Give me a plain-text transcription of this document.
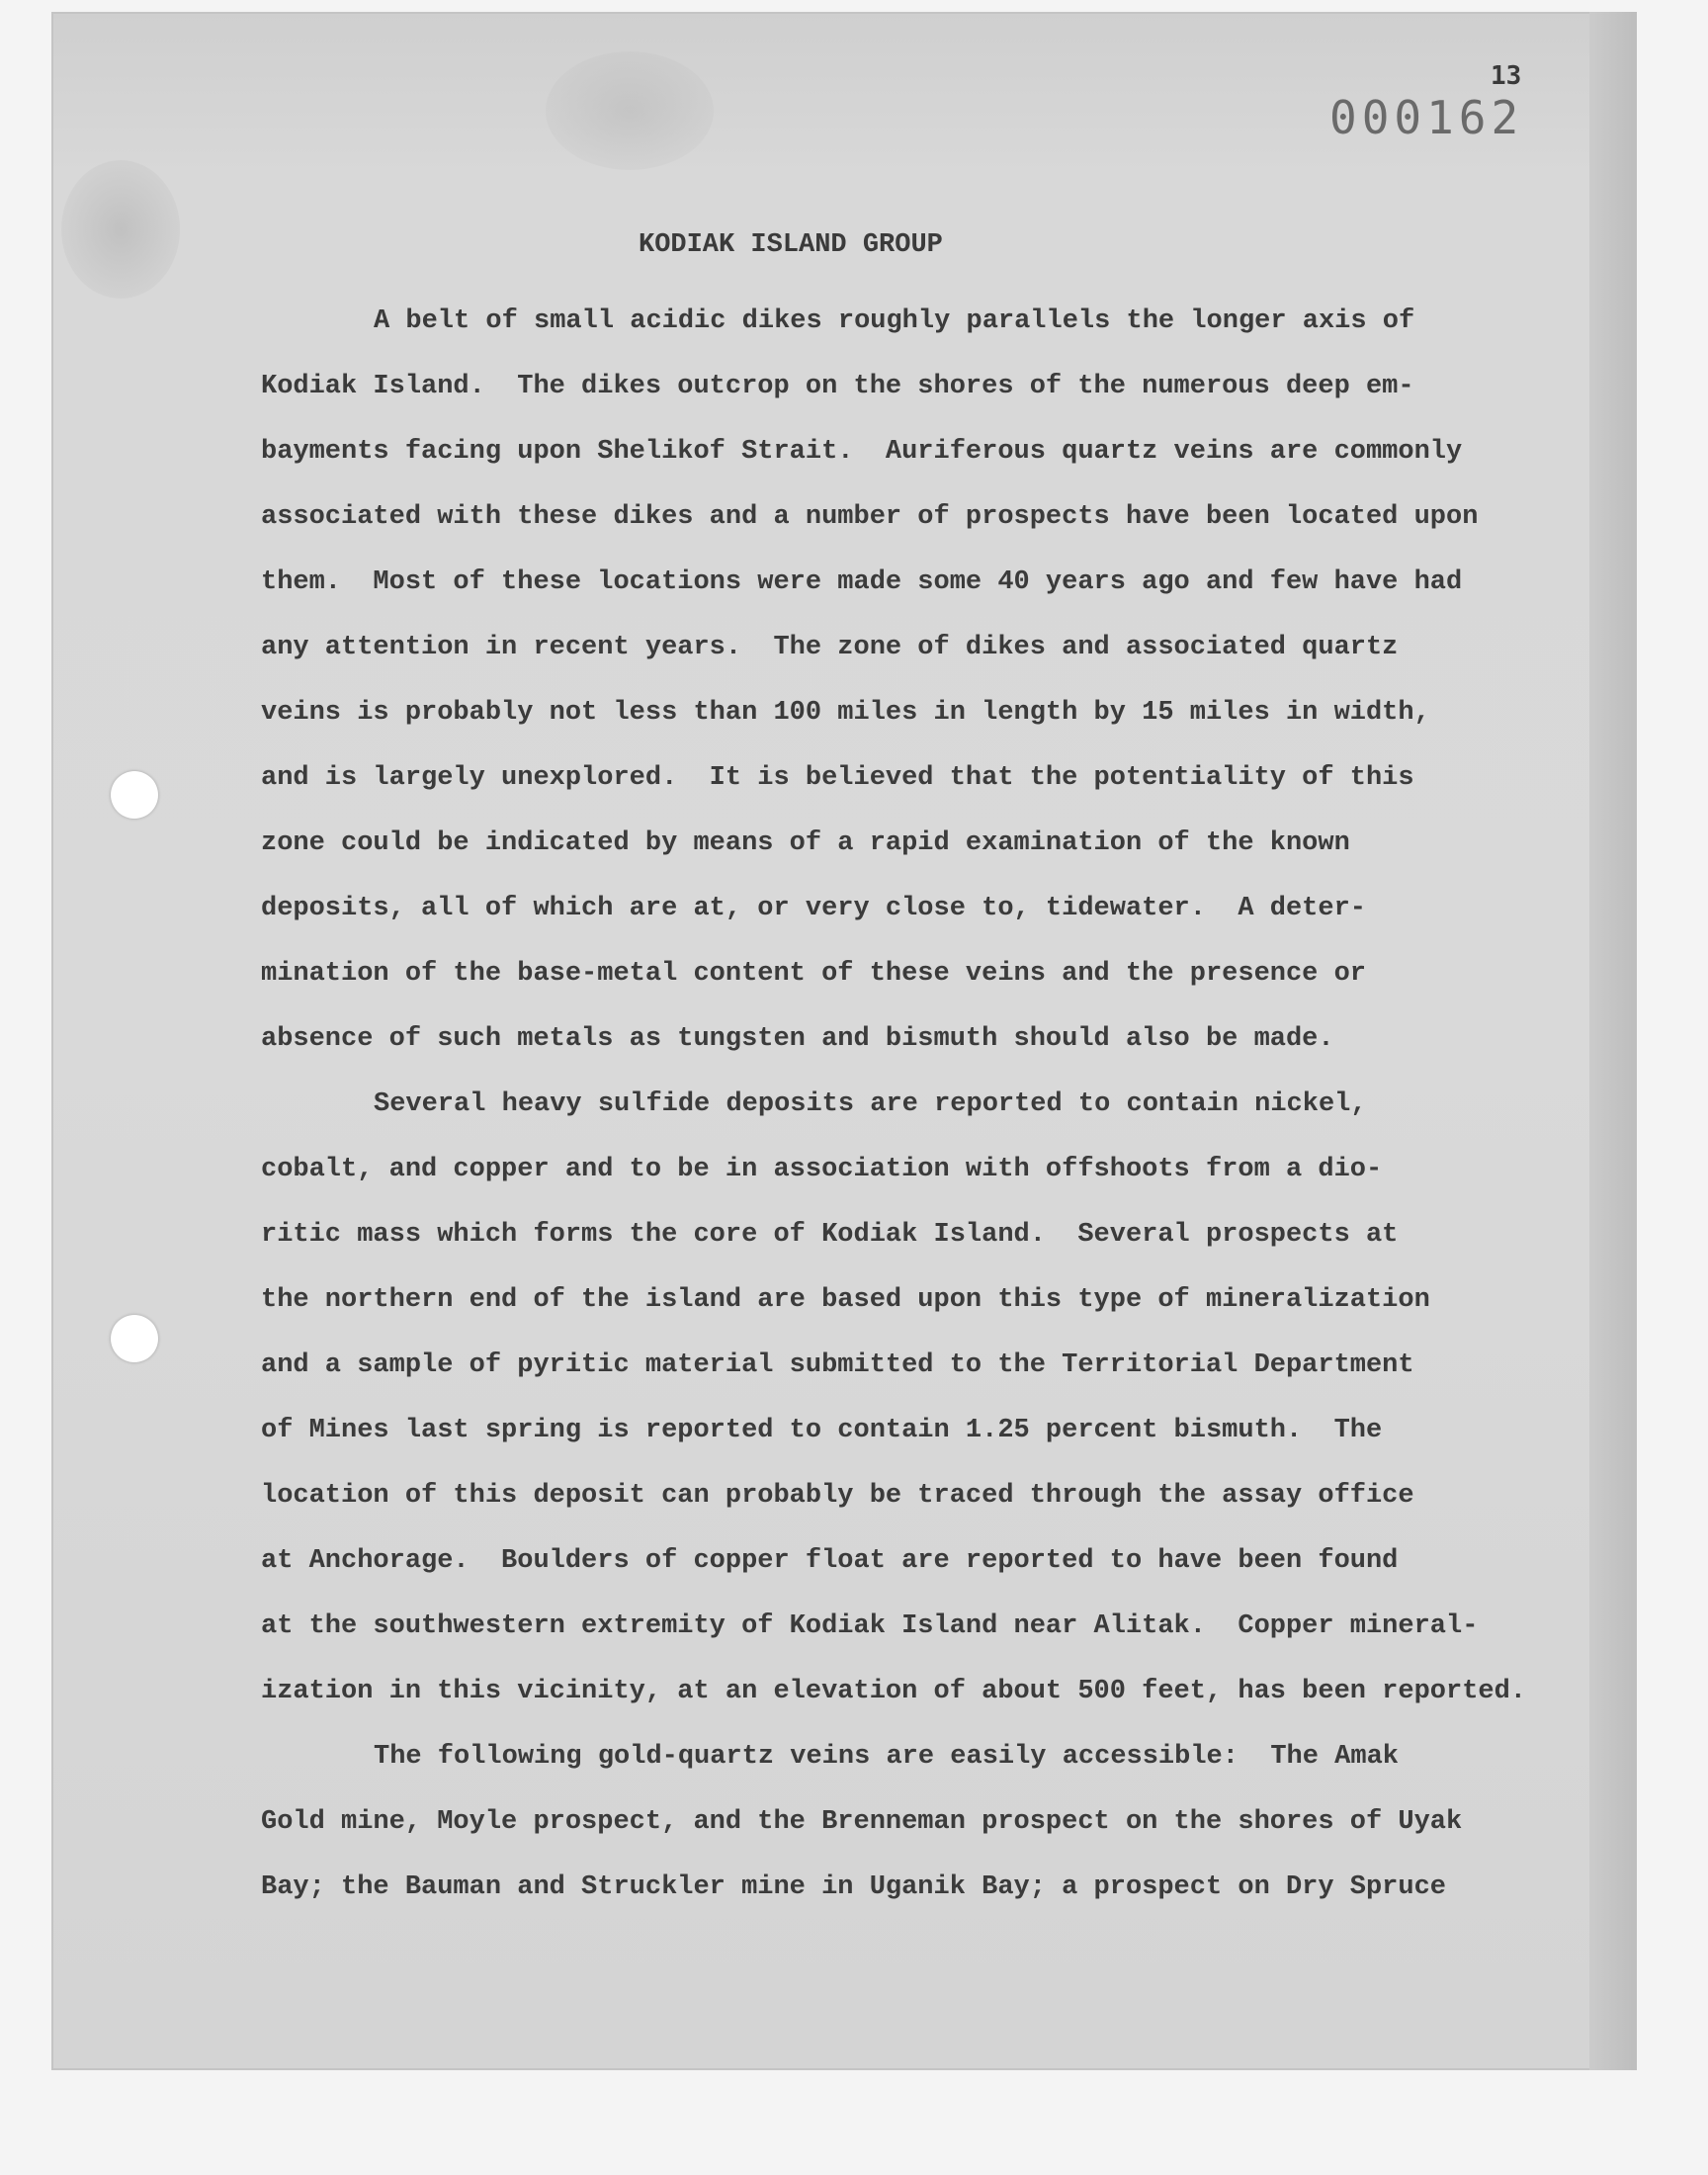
13
000162
KODIAK ISLAND GROUP
A belt of small acidic dikes roughly parallels the longer axis of
Kodiak Island.  The dikes outcrop on the shores of the numerous deep em-
bayments facing upon Shelikof Strait.  Auriferous quartz veins are commonly
associated with these dikes and a number of prospects have been located upon
them.  Most of these locations were made some 40 years ago and few have had
any attention in recent years.  The zone of dikes and associated quartz
veins is probably not less than 100 miles in length by 15 miles in width,
and is largely unexplored.  It is believed that the potentiality of this
zone could be indicated by means of a rapid examination of the known
deposits, all of which are at, or very close to, tidewater.  A deter-
mination of the base-metal content of these veins and the presence or
absence of such metals as tungsten and bismuth should also be made.
Several heavy sulfide deposits are reported to contain nickel,
cobalt, and copper and to be in association with offshoots from a dio-
ritic mass which forms the core of Kodiak Island.  Several prospects at
the northern end of the island are based upon this type of mineralization
and a sample of pyritic material submitted to the Territorial Department
of Mines last spring is reported to contain 1.25 percent bismuth.  The
location of this deposit can probably be traced through the assay office
at Anchorage.  Boulders of copper float are reported to have been found
at the southwestern extremity of Kodiak Island near Alitak.  Copper mineral-
ization in this vicinity, at an elevation of about 500 feet, has been reported.
The following gold-quartz veins are easily accessible:  The Amak
Gold mine, Moyle prospect, and the Brenneman prospect on the shores of Uyak
Bay; the Bauman and Struckler mine in Uganik Bay; a prospect on Dry Spruce
